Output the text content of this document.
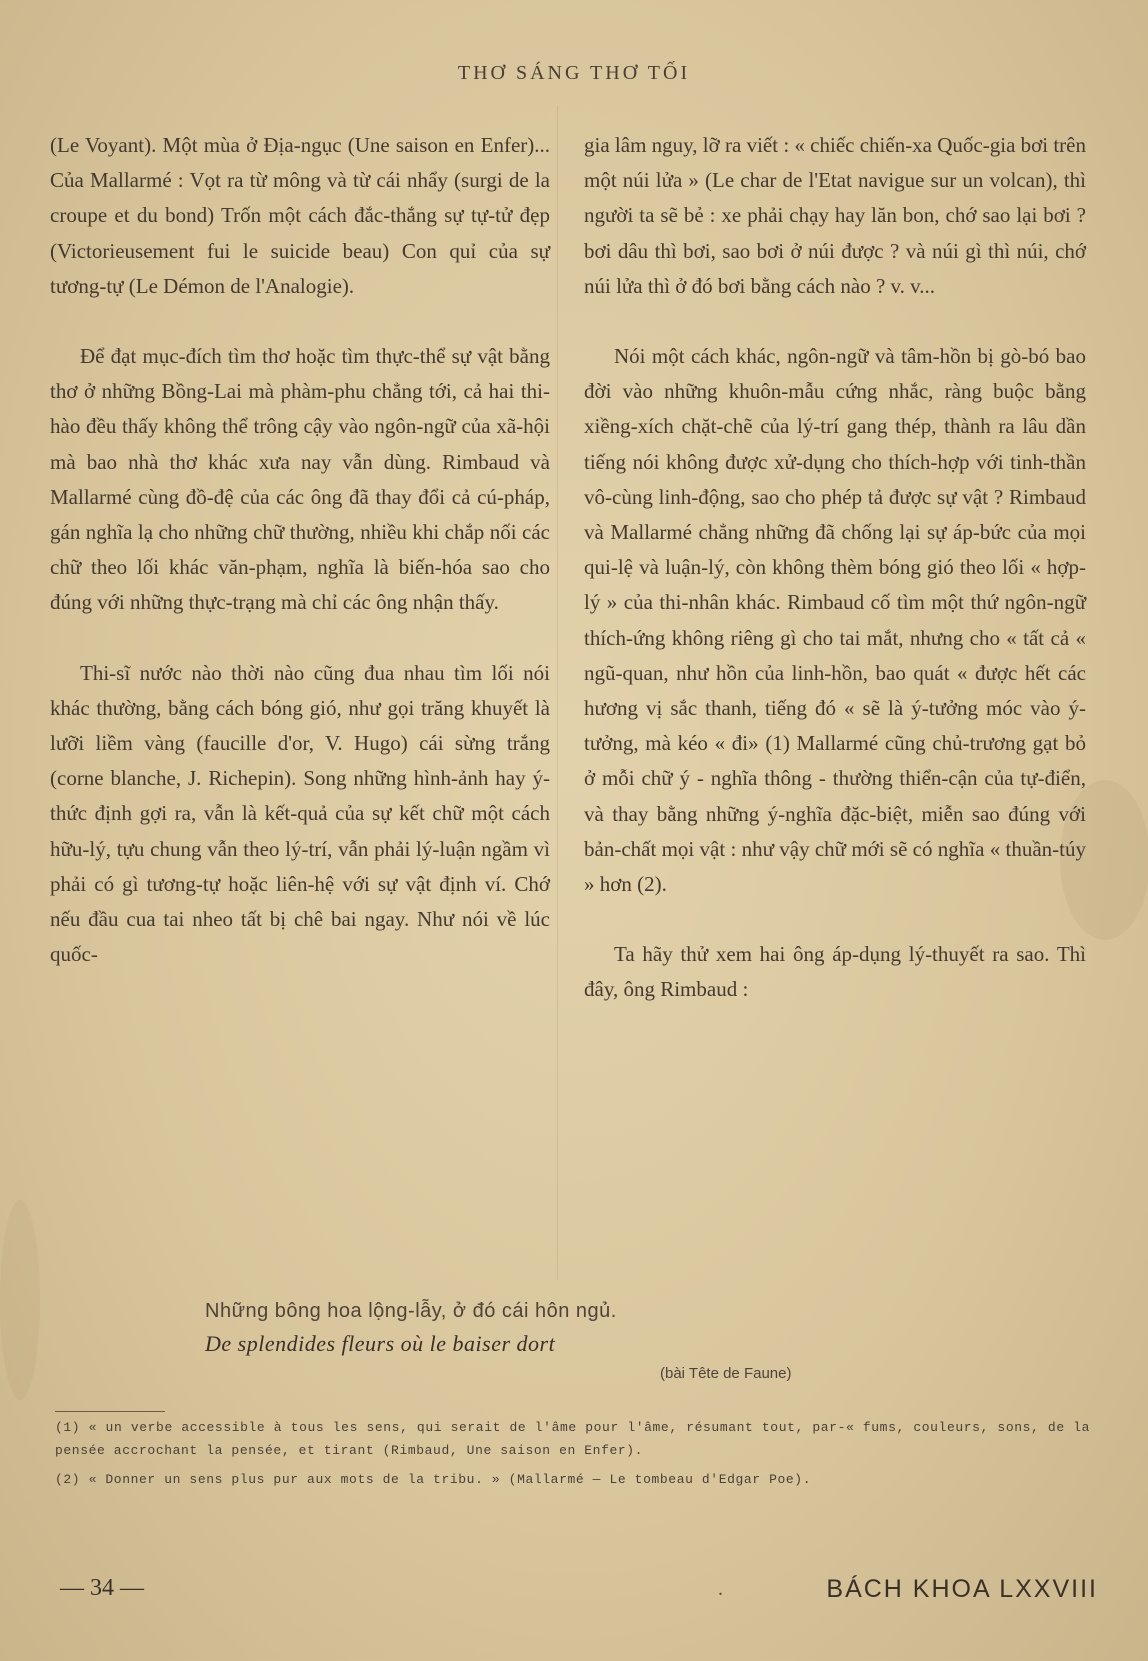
THƠ SÁNG THƠ TỐI

(Le Voyant). Một mùa ở Địa-ngục (Une saison en Enfer)... Của Mallarmé : Vọt ra từ mông và từ cái nhẩy (surgi de la croupe et du bond) Trốn một cách đắc-thắng sự tự-tử đẹp (Victorieusement fui le suicide beau) Con quỉ của sự tương-tự (Le Démon de l'Analogie).

Để đạt mục-đích tìm thơ hoặc tìm thực-thể sự vật bằng thơ ở những Bồng-Lai mà phàm-phu chẳng tới, cả hai thi-hào đều thấy không thể trông cậy vào ngôn-ngữ của xã-hội mà bao nhà thơ khác xưa nay vẫn dùng. Rimbaud và Mallarmé cùng đồ-đệ của các ông đã thay đổi cả cú-pháp, gán nghĩa lạ cho những chữ thường, nhiều khi chắp nối các chữ theo lối khác văn-phạm, nghĩa là biến-hóa sao cho đúng với những thực-trạng mà chỉ các ông nhận thấy.

Thi-sĩ nước nào thời nào cũng đua nhau tìm lối nói khác thường, bằng cách bóng gió, như gọi trăng khuyết là lưỡi liềm vàng (faucille d'or, V. Hugo) cái sừng trắng (corne blanche, J. Richepin). Song những hình-ảnh hay ý-thức định gợi ra, vẫn là kết-quả của sự kết chữ một cách hữu-lý, tựu chung vẫn theo lý-trí, vẫn phải lý-luận ngầm vì phải có gì tương-tự hoặc liên-hệ với sự vật định ví. Chớ nếu đầu cua tai nheo tất bị chê bai ngay. Như nói về lúc quốc-

gia lâm nguy, lỡ ra viết : « chiếc chiến-xa Quốc-gia bơi trên một núi lửa » (Le char de l'Etat navigue sur un volcan), thì người ta sẽ bẻ : xe phải chạy hay lăn bon, chớ sao lại bơi ? bơi dâu thì bơi, sao bơi ở núi được ? và núi gì thì núi, chớ núi lửa thì ở đó bơi bằng cách nào ? v. v...

Nói một cách khác, ngôn-ngữ và tâm-hồn bị gò-bó bao đời vào những khuôn-mẫu cứng nhắc, ràng buộc bằng xiềng-xích chặt-chẽ của lý-trí gang thép, thành ra lâu dần tiếng nói không được xử-dụng cho thích-hợp với tinh-thần vô-cùng linh-động, sao cho phép tả được sự vật ? Rimbaud và Mallarmé chẳng những đã chống lại sự áp-bức của mọi qui-lệ và luận-lý, còn không thèm bóng gió theo lối « hợp-lý » của thi-nhân khác. Rimbaud cố tìm một thứ ngôn-ngữ thích-ứng không riêng gì cho tai mắt, nhưng cho « tất cả « ngũ-quan, như hồn của linh-hồn, bao quát « được hết các hương vị sắc thanh, tiếng đó « sẽ là ý-tưởng móc vào ý-tưởng, mà kéo « đi» (1) Mallarmé cũng chủ-trương gạt bỏ ở mỗi chữ ý - nghĩa thông - thường thiển-cận của tự-điển, và thay bằng những ý-nghĩa đặc-biệt, miễn sao đúng với bản-chất mọi vật : như vậy chữ mới sẽ có nghĩa « thuần-túy » hơn (2).

Ta hãy thử xem hai ông áp-dụng lý-thuyết ra sao. Thì đây, ông Rimbaud :

Những bông hoa lộng-lẫy, ở đó cái hôn ngủ.
De splendides fleurs où le baiser dort
(bài Tête de Faune)

(1) « un verbe accessible à tous les sens, qui serait de l'âme pour l'âme, résumant tout, par-« fums, couleurs, sons, de la pensée accrochant la pensée, et tirant (Rimbaud, Une saison en Enfer).

(2) « Donner un sens plus pur aux mots de la tribu. » (Mallarmé — Le tombeau d'Edgar Poe).

— 34 —	.	BÁCH KHOA LXXVIII
